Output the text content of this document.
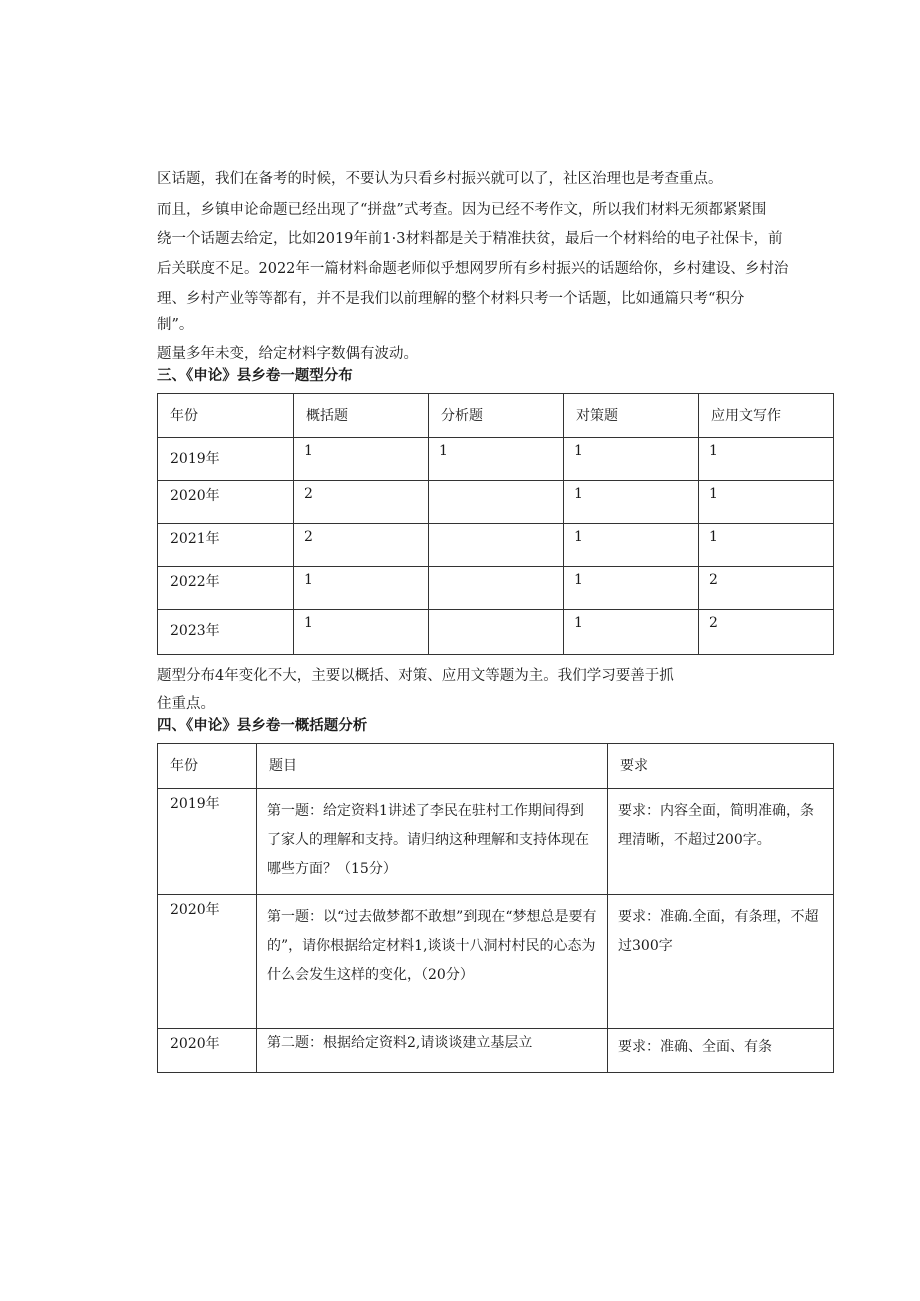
区话题，我们在备考的时候，不要认为只看乡村振兴就可以了，社区治理也是考查重点。
而且，乡镇申论命题已经出现了“拼盘”式考查。因为已经不考作文，所以我们材料无须都紧紧围
绕一个话题去给定，比如2019年前1·3材料都是关于精准扶贫，最后一个材料给的电子社保卡，前
后关联度不足。2022年一篇材料命题老师似乎想网罗所有乡村振兴的话题给你，乡村建设、乡村治
理、乡村产业等等都有，并不是我们以前理解的整个材料只考一个话题，比如通篇只考“积分
制”。
题量多年未变，给定材料字数偶有波动。
三、《申论》县乡卷一题型分布
年份	概括题	分析题	对策题	应用文写作

2019年	1	1	1	1

2020年	2		1	1

2021年	2		1	1

2022年	1		1	2

2023年	1		1	2
题型分布4年变化不大，主要以概括、对策、应用文等题为主。我们学习要善于抓
住重点。
四、《申论》县乡卷一概括题分析
年份	题目	要求

2019年	第一题：给定资料1讲述了李民在驻村工作期间得到了家人的理解和支持。请归纳这种理解和支持体现在哪些方面？（15分）	要求：内容全面，简明准确，条理清晰，不超过200字。

2020年	第一题：以“过去做梦都不敢想”到现在“梦想总是要有的”，请你根据给定材料1,谈谈十八洞村村民的心态为什么会发生这样的变化，（20分）	要求：准确.全面，有条理，不超过300字

2020年	第二题：根据给定资料2,请谈谈建立基层立	要求：准确、全面、有条
